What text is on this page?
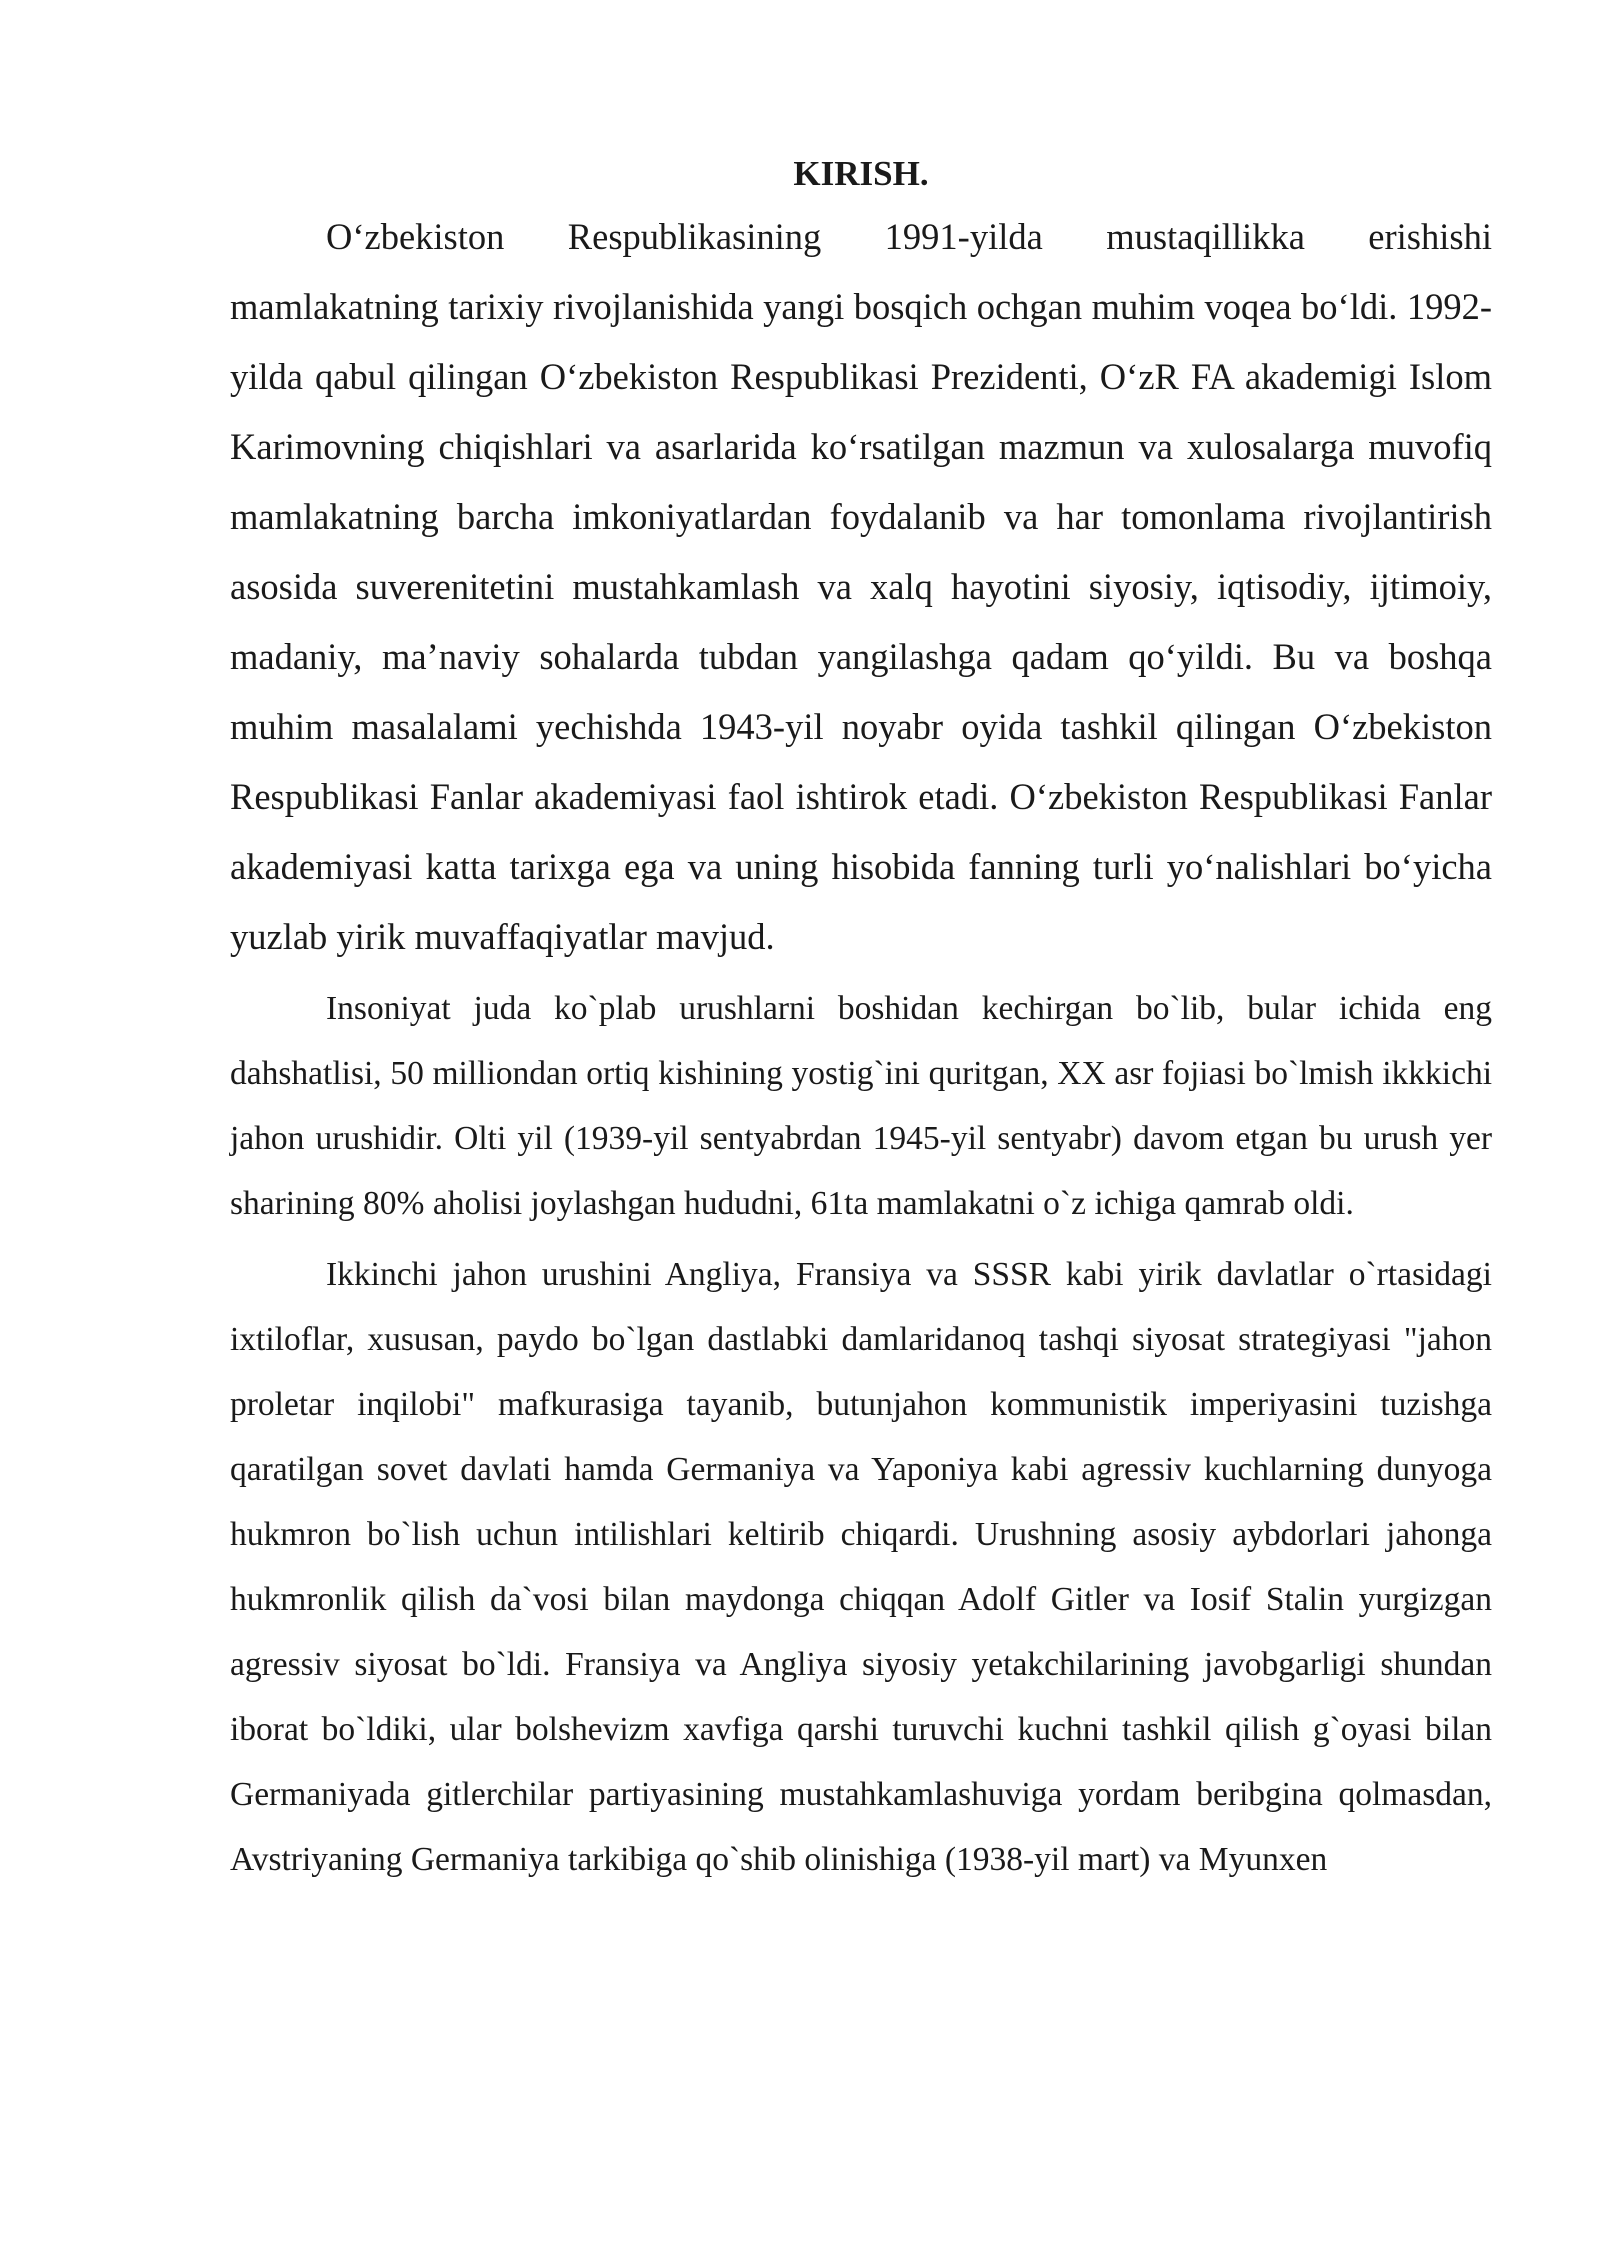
KIRISH.

O‘zbekiston Respublikasining 1991-yilda mustaqillikka erishishi mamlakatning tarixiy rivojlanishida yangi bosqich ochgan muhim voqea bo‘ldi. 1992-yilda qabul qilingan O‘zbekiston Respublikasi Prezidenti, O‘zR FA akademigi Islom Karimovning chiqishlari va asarlarida ko‘rsatilgan mazmun va xulosalarga muvofiq mamlakatning barcha imkoniyatlardan foydalanib va har tomonlama rivojlantirish asosida suverenitetini mustahkamlash va xalq hayotini siyosiy, iqtisodiy, ijtimoiy, madaniy, ma’naviy sohalarda tubdan yangilashga qadam qo‘yildi. Bu va boshqa muhim masalalami yechishda 1943-yil noyabr oyida tashkil qilingan O‘zbekiston Respublikasi Fanlar akademiyasi faol ishtirok etadi. O‘zbekiston Respublikasi Fanlar akademiyasi katta tarixga ega va uning hisobida fanning turli yo‘nalishlari bo‘yicha yuzlab yirik muvaffaqiyatlar mavjud.

Insoniyat juda ko`plab urushlarni boshidan kechirgan bo`lib, bular ichida eng dahshatlisi, 50 milliondan ortiq kishining yostig`ini quritgan, XX asr fojiasi bo`lmish ikkkichi jahon urushidir. Olti yil (1939-yil sentyabrdan 1945-yil sentyabr) davom etgan bu urush yer sharining 80% aholisi joylashgan hududni, 61ta mamlakatni o`z ichiga qamrab oldi.

Ikkinchi jahon urushini Angliya, Fransiya va SSSR kabi yirik davlatlar o`rtasidagi ixtiloflar, xususan, paydo bo`lgan dastlabki damlaridanoq tashqi siyosat strategiyasi "jahon proletar inqilobi" mafkurasiga tayanib, butunjahon kommunistik imperiyasini tuzishga qaratilgan sovet davlati hamda Germaniya va Yaponiya kabi agressiv kuchlarning dunyoga hukmron bo`lish uchun intilishlari keltirib chiqardi. Urushning asosiy aybdorlari jahonga hukmronlik qilish da`vosi bilan maydonga chiqqan Adolf Gitler va Iosif Stalin yurgizgan agressiv siyosat bo`ldi. Fransiya va Angliya siyosiy yetakchilarining javobgarligi shundan iborat bo`ldiki, ular bolshevizm xavfiga qarshi turuvchi kuchni tashkil qilish g`oyasi bilan Germaniyada gitlerchilar partiyasining mustahkamlashuviga yordam beribgina qolmasdan, Avstriyaning Germaniya tarkibiga qo`shib olinishiga (1938-yil mart) va Myunxen
